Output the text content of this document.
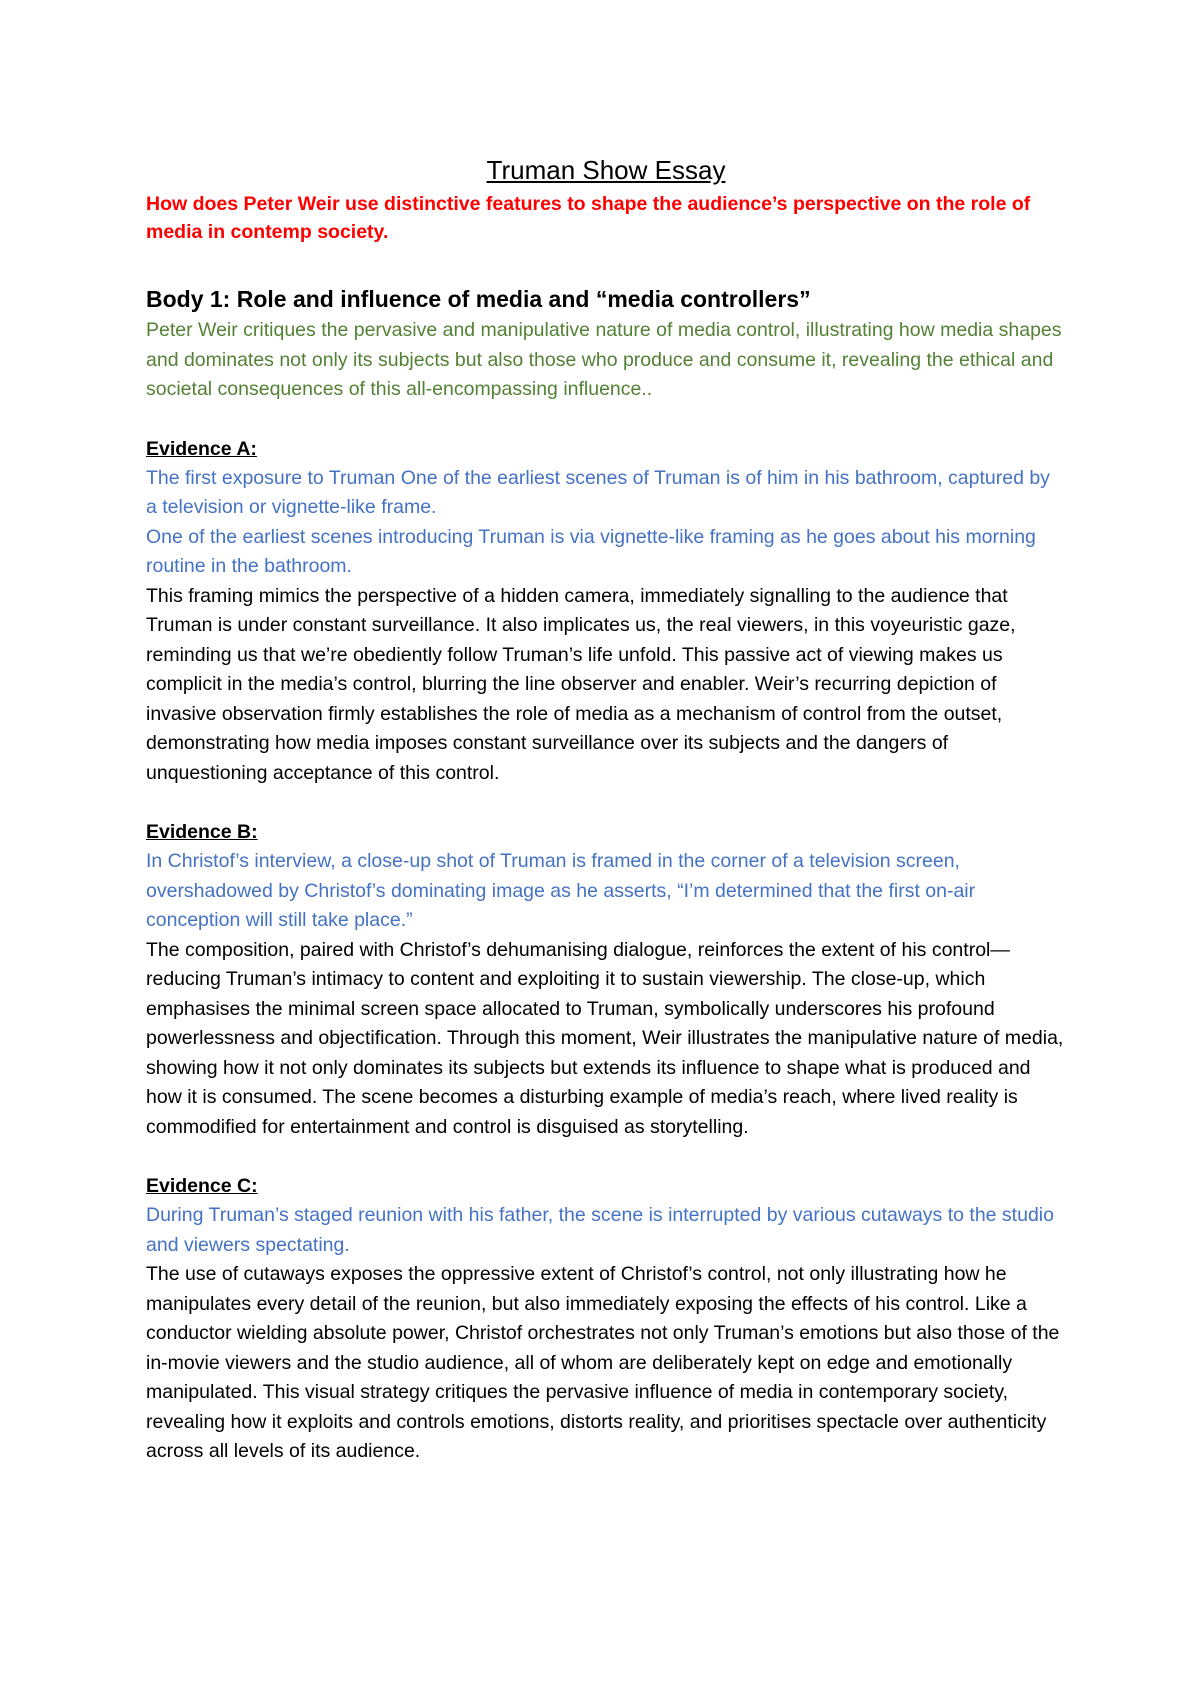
Truman Show Essay

How does Peter Weir use distinctive features to shape the audience’s perspective on the role of media in contemp society.

Body 1: Role and influence of media and “media controllers”

Peter Weir critiques the pervasive and manipulative nature of media control, illustrating how media shapes and dominates not only its subjects but also those who produce and consume it, revealing the ethical and societal consequences of this all-encompassing influence..

Evidence A:

The first exposure to Truman One of the earliest scenes of Truman is of him in his bathroom, captured by a television or vignette-like frame.

One of the earliest scenes introducing Truman is via vignette-like framing as he goes about his morning routine in the bathroom.

This framing mimics the perspective of a hidden camera, immediately signalling to the audience that Truman is under constant surveillance. It also implicates us, the real viewers, in this voyeuristic gaze, reminding us that we’re obediently follow Truman’s life unfold. This passive act of viewing makes us complicit in the media’s control, blurring the line observer and enabler. Weir’s recurring depiction of invasive observation firmly establishes the role of media as a mechanism of control from the outset, demonstrating how media imposes constant surveillance over its subjects and the dangers of unquestioning acceptance of this control.

Evidence B:

In Christof’s interview, a close-up shot of Truman is framed in the corner of a television screen, overshadowed by Christof’s dominating image as he asserts, “I’m determined that the first on-air conception will still take place.”

The composition, paired with Christof’s dehumanising dialogue, reinforces the extent of his control—reducing Truman’s intimacy to content and exploiting it to sustain viewership. The close-up, which emphasises the minimal screen space allocated to Truman, symbolically underscores his profound powerlessness and objectification. Through this moment, Weir illustrates the manipulative nature of media, showing how it not only dominates its subjects but extends its influence to shape what is produced and how it is consumed. The scene becomes a disturbing example of media’s reach, where lived reality is commodified for entertainment and control is disguised as storytelling.

Evidence C:

During Truman’s staged reunion with his father, the scene is interrupted by various cutaways to the studio and viewers spectating.

The use of cutaways exposes the oppressive extent of Christof’s control, not only illustrating how he manipulates every detail of the reunion, but also immediately exposing the effects of his control. Like a conductor wielding absolute power, Christof orchestrates not only Truman’s emotions but also those of the in-movie viewers and the studio audience, all of whom are deliberately kept on edge and emotionally manipulated. This visual strategy critiques the pervasive influence of media in contemporary society, revealing how it exploits and controls emotions, distorts reality, and prioritises spectacle over authenticity across all levels of its audience.
